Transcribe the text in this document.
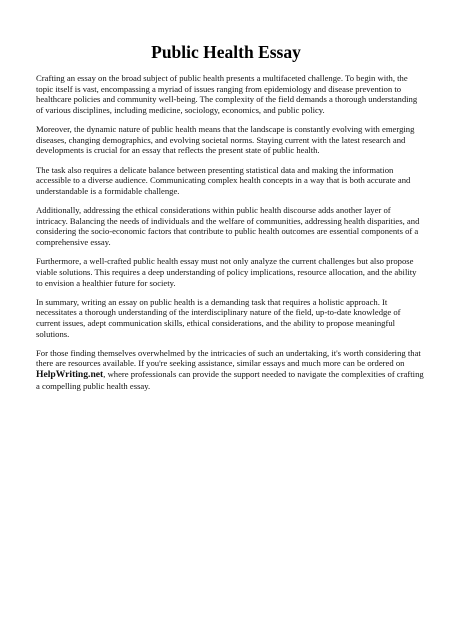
Public Health Essay

Crafting an essay on the broad subject of public health presents a multifaceted challenge. To begin with, the topic itself is vast, encompassing a myriad of issues ranging from epidemiology and disease prevention to healthcare policies and community well-being. The complexity of the field demands a thorough understanding of various disciplines, including medicine, sociology, economics, and public policy.

Moreover, the dynamic nature of public health means that the landscape is constantly evolving with emerging diseases, changing demographics, and evolving societal norms. Staying current with the latest research and developments is crucial for an essay that reflects the present state of public health.

The task also requires a delicate balance between presenting statistical data and making the information accessible to a diverse audience. Communicating complex health concepts in a way that is both accurate and understandable is a formidable challenge.

Additionally, addressing the ethical considerations within public health discourse adds another layer of intricacy. Balancing the needs of individuals and the welfare of communities, addressing health disparities, and considering the socio-economic factors that contribute to public health outcomes are essential components of a comprehensive essay.

Furthermore, a well-crafted public health essay must not only analyze the current challenges but also propose viable solutions. This requires a deep understanding of policy implications, resource allocation, and the ability to envision a healthier future for society.

In summary, writing an essay on public health is a demanding task that requires a holistic approach. It necessitates a thorough understanding of the interdisciplinary nature of the field, up-to-date knowledge of current issues, adept communication skills, ethical considerations, and the ability to propose meaningful solutions.

For those finding themselves overwhelmed by the intricacies of such an undertaking, it's worth considering that there are resources available. If you're seeking assistance, similar essays and much more can be ordered on HelpWriting.net, where professionals can provide the support needed to navigate the complexities of crafting a compelling public health essay.
